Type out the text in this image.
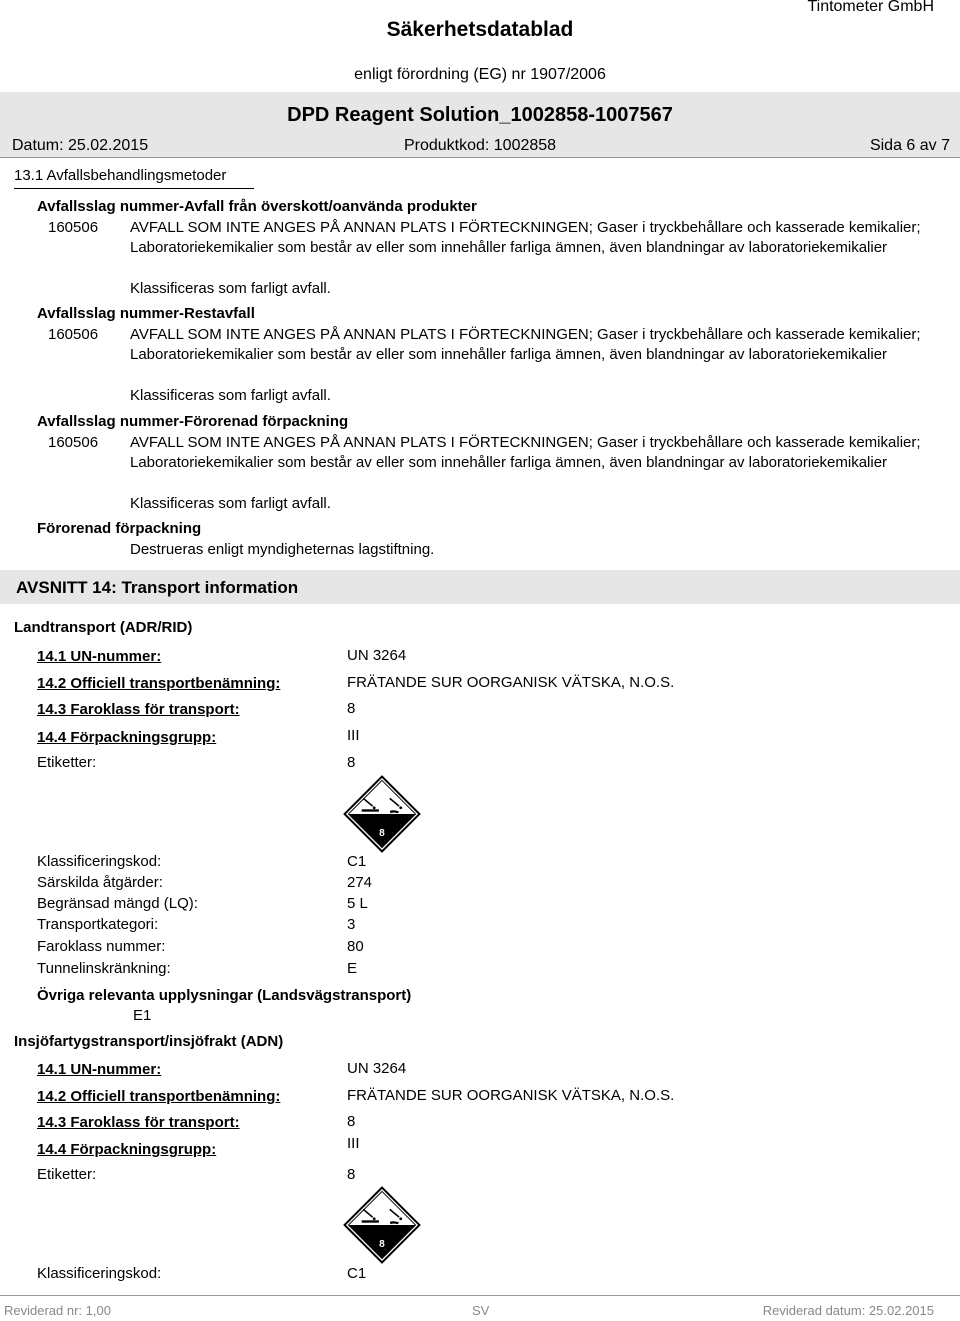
Tintometer GmbH
Säkerhetsdatablad
enligt förordning (EG) nr 1907/2006
DPD Reagent Solution_1002858-1007567
Datum: 25.02.2015	Produktkod: 1002858	Sida 6 av 7
13.1 Avfallsbehandlingsmetoder
Avfallsslag nummer-Avfall från överskott/oanvända produkter
160506 AVFALL SOM INTE ANGES PÅ ANNAN PLATS I FÖRTECKNINGEN; Gaser i tryckbehållare och kasserade kemikalier; Laboratoriekemikalier som består av eller som innehåller farliga ämnen, även blandningar av laboratoriekemikalier
Klassificeras som farligt avfall.
Avfallsslag nummer-Restavfall
160506 AVFALL SOM INTE ANGES PÅ ANNAN PLATS I FÖRTECKNINGEN; Gaser i tryckbehållare och kasserade kemikalier; Laboratoriekemikalier som består av eller som innehåller farliga ämnen, även blandningar av laboratoriekemikalier
Klassificeras som farligt avfall.
Avfallsslag nummer-Förorenad förpackning
160506 AVFALL SOM INTE ANGES PÅ ANNAN PLATS I FÖRTECKNINGEN; Gaser i tryckbehållare och kasserade kemikalier; Laboratoriekemikalier som består av eller som innehåller farliga ämnen, även blandningar av laboratoriekemikalier
Klassificeras som farligt avfall.
Förorenad förpackning
Destrueras enligt myndigheternas lagstiftning.
AVSNITT 14: Transport information
Landtransport (ADR/RID)
14.1 UN-nummer:	UN 3264
14.2 Officiell transportbenämning:	FRÄTANDE SUR OORGANISK VÄTSKA, N.O.S.
14.3 Faroklass för transport:	8
14.4 Förpackningsgrupp:	III
Etiketter:	8
8
Klassificeringskod:	C1
Särskilda åtgärder:	274
Begränsad mängd (LQ):	5 L
Transportkategori:	3
Faroklass nummer:	80
Tunnelinskränkning:	E
Övriga relevanta upplysningar (Landsvägstransport)
E1
Insjöfartygstransport/insjöfrakt (ADN)
14.1 UN-nummer:	UN 3264
14.2 Officiell transportbenämning:	FRÄTANDE SUR OORGANISK VÄTSKA, N.O.S.
14.3 Faroklass för transport:	8
14.4 Förpackningsgrupp:	III
Etiketter:	8
8
Klassificeringskod:	C1
Reviderad nr: 1,00	SV	Reviderad datum: 25.02.2015
